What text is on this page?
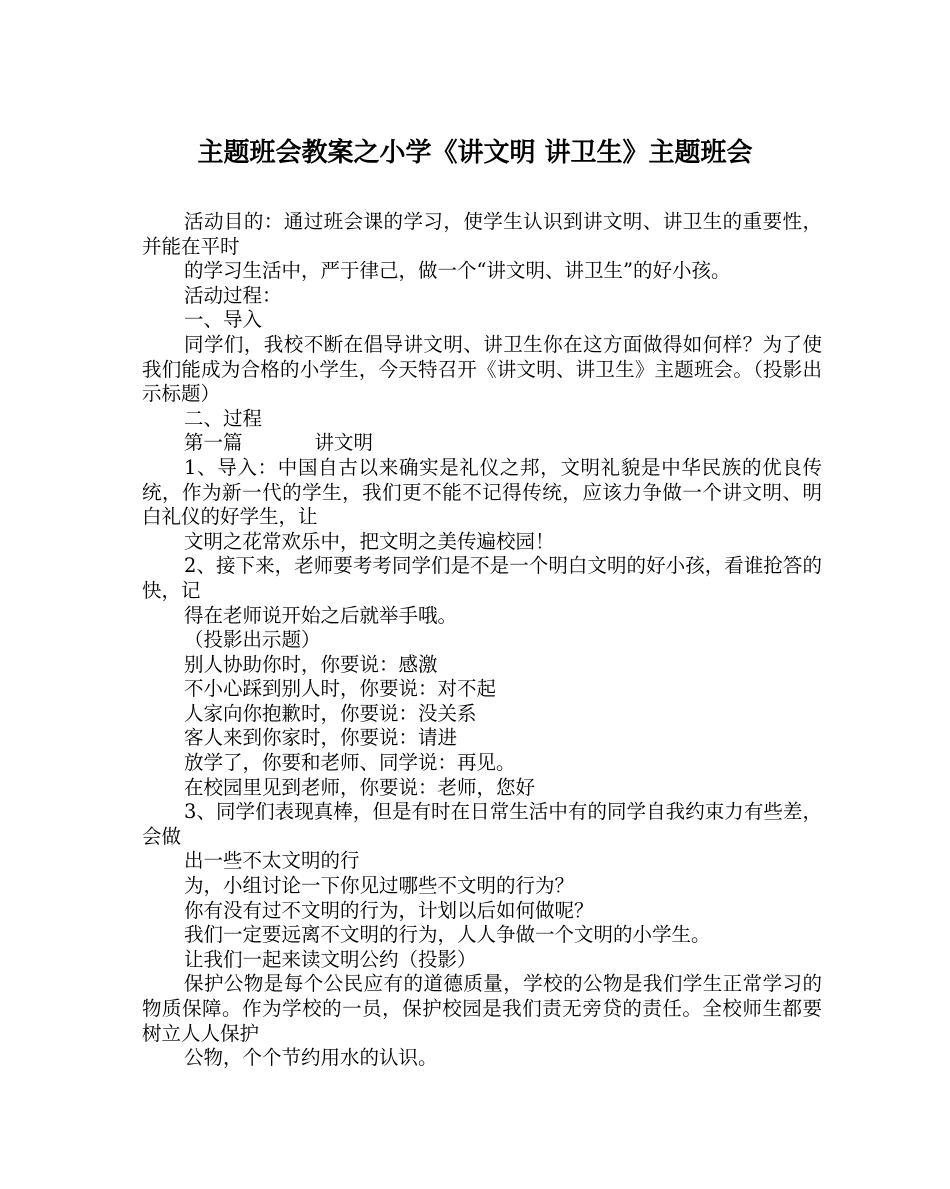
主题班会教案之小学《讲文明 讲卫生》主题班会

活动目的：通过班会课的学习，使学生认识到讲文明、讲卫生的重要性，并能在平时

的学习生活中，严于律己，做一个“讲文明、讲卫生”的好小孩。

活动过程：

一、导入

同学们，我校不断在倡导讲文明、讲卫生你在这方面做得如何样？为了使我们能成为合格的小学生，今天特召开《讲文明、讲卫生》主题班会。（投影出示标题）

二、过程

第一篇	讲文明

1、导入：中国自古以来确实是礼仪之邦，文明礼貌是中华民族的优良传统，作为新一代的学生，我们更不能不记得传统，应该力争做一个讲文明、明白礼仪的好学生，让

文明之花常欢乐中，把文明之美传遍校园！

2、接下来，老师要考考同学们是不是一个明白文明的好小孩，看谁抢答的快，记

得在老师说开始之后就举手哦。

（投影出示题）

别人协助你时，你要说：感激

不小心踩到别人时，你要说：对不起

人家向你抱歉时，你要说：没关系

客人来到你家时，你要说：请进

放学了，你要和老师、同学说：再见。

在校园里见到老师，你要说：老师，您好

3、同学们表现真棒，但是有时在日常生活中有的同学自我约束力有些差，会做

出一些不太文明的行

为，小组讨论一下你见过哪些不文明的行为？

你有没有过不文明的行为，计划以后如何做呢？

我们一定要远离不文明的行为，人人争做一个文明的小学生。

让我们一起来读文明公约（投影）

保护公物是每个公民应有的道德质量，学校的公物是我们学生正常学习的物质保障。作为学校的一员，保护校园是我们责无旁贷的责任。全校师生都要树立人人保护

公物，个个节约用水的认识。
